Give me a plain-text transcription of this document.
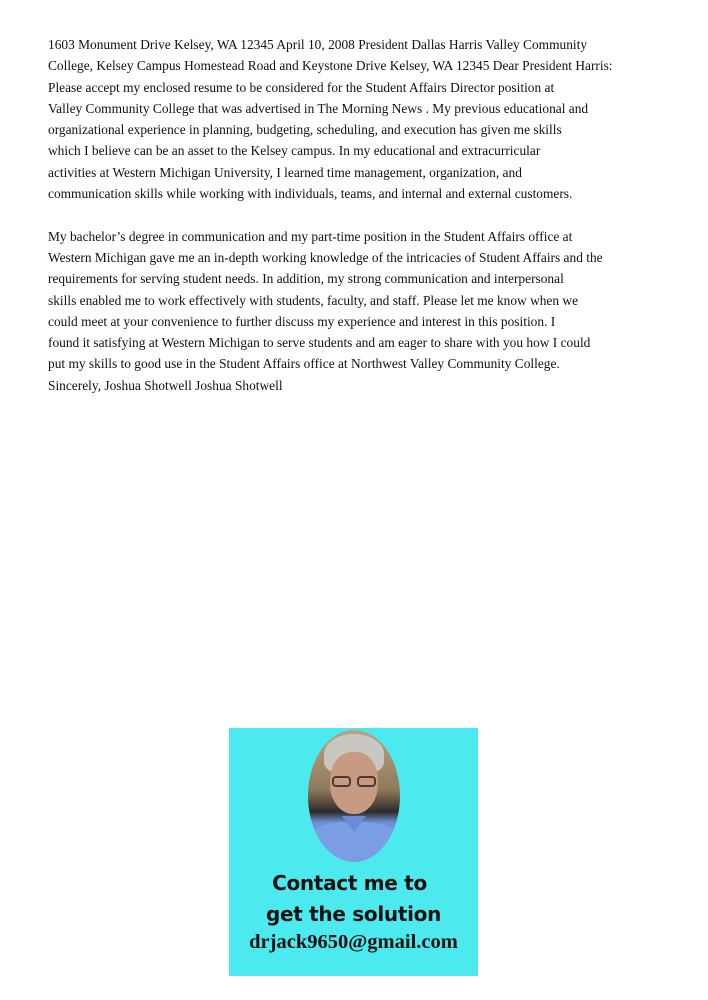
1603 Monument Drive Kelsey, WA 12345 April 10, 2008 President Dallas Harris Valley Community
College, Kelsey Campus Homestead Road and Keystone Drive Kelsey, WA 12345 Dear President Harris:
Please accept my enclosed resume to be considered for the Student Affairs Director position at
Valley Community College that was advertised in The Morning News . My previous educational and
organizational experience in planning, budgeting, scheduling, and execution has given me skills
which I believe can be an asset to the Kelsey campus. In my educational and extracurricular
activities at Western Michigan University, I learned time management, organization, and
communication skills while working with individuals, teams, and internal and external customers.
My bachelor’s degree in communication and my part-time position in the Student Affairs office at
Western Michigan gave me an in-depth working knowledge of the intricacies of Student Affairs and the
requirements for serving student needs. In addition, my strong communication and interpersonal
skills enabled me to work effectively with students, faculty, and staff. Please let me know when we
could meet at your convenience to further discuss my experience and interest in this position. I
found it satisfying at Western Michigan to serve students and am eager to share with you how I could
put my skills to good use in the Student Affairs office at Northwest Valley Community College.
Sincerely, Joshua Shotwell Joshua Shotwell
Contact me to
get the solution
drjack9650@gmail.com
